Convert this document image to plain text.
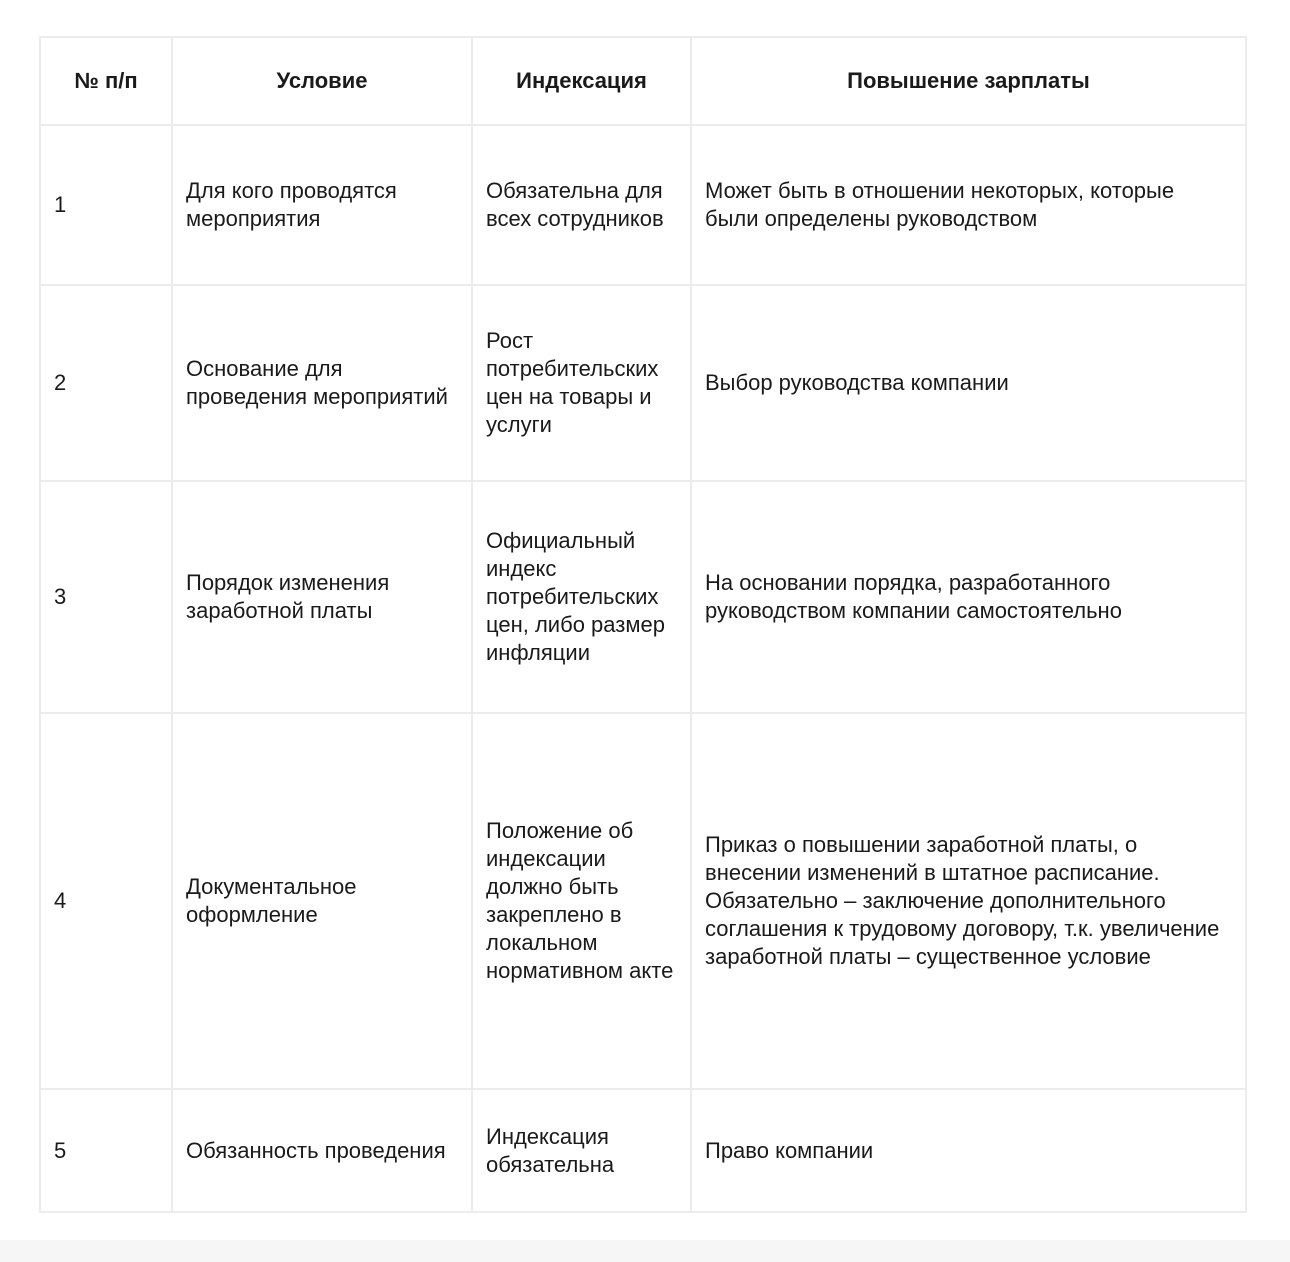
№ п/п	Условие	Индексация	Повышение зарплаты
1	Для кого проводятся мероприятия	Обязательна для всех сотрудников	Может быть в отношении некоторых, которые были определены руководством
2	Основание для проведения мероприятий	Рост потребительских цен на товары и услуги	Выбор руководства компании
3	Порядок изменения заработной платы	Официальный индекс потребительских цен, либо размер инфляции	На основании порядка, разработанного руководством компании самостоятельно
4	Документальное оформление	Положение об индексации должно быть закреплено в локальном нормативном акте	Приказ о повышении заработной платы, о внесении изменений в штатное расписание. Обязательно – заключение дополнительного соглашения к трудовому договору, т.к. увеличение заработной платы – существенное условие
5	Обязанность проведения	Индексация обязательна	Право компании
